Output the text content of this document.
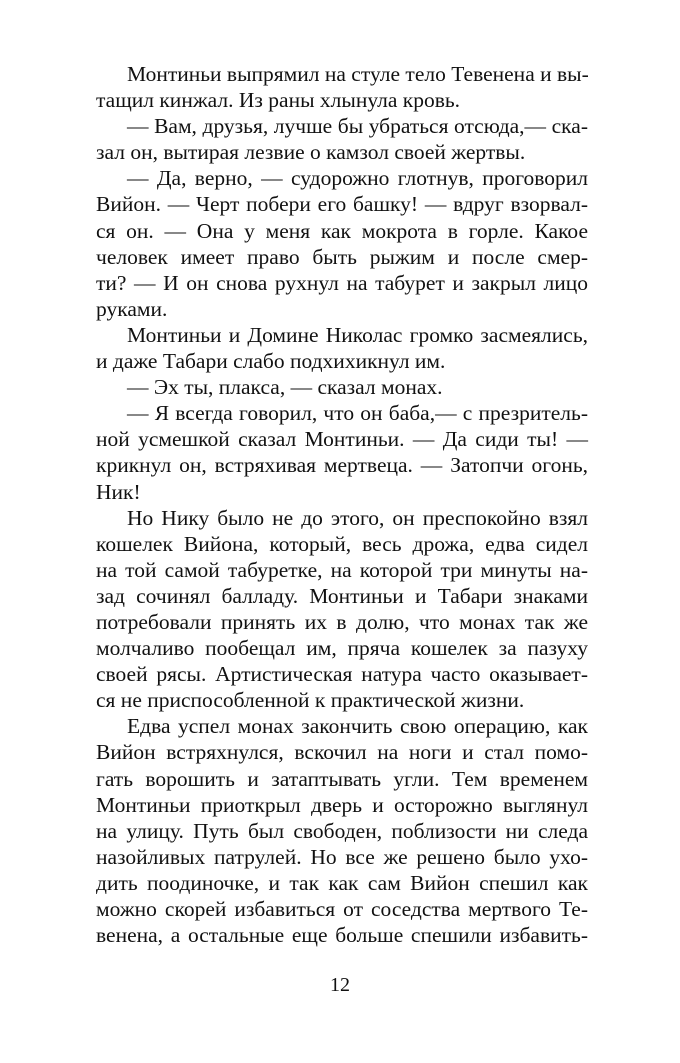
Монтиньи выпрямил на стуле тело Тевенена и вы-
тащил кинжал. Из раны хлынула кровь.
— Вам, друзья, лучше бы убраться отсюда,— ска-
зал он, вытирая лезвие о камзол своей жертвы.
— Да, верно, — судорожно глотнув, проговорил
Вийон. — Черт побери его башку! — вдруг взорвал-
ся он. — Она у меня как мокрота в горле. Какое
человек имеет право быть рыжим и после смер-
ти? — И он снова рухнул на табурет и закрыл лицо
руками.
Монтиньи и Домине Николас громко засмеялись,
и даже Табари слабо подхихикнул им.
— Эх ты, плакса, — сказал монах.
— Я всегда говорил, что он баба,— с презритель-
ной усмешкой сказал Монтиньи. — Да сиди ты! —
крикнул он, встряхивая мертвеца. — Затопчи огонь,
Ник!
Но Нику было не до этого, он преспокойно взял
кошелек Вийона, который, весь дрожа, едва сидел
на той самой табуретке, на которой три минуты на-
зад сочинял балладу. Монтиньи и Табари знаками
потребовали принять их в долю, что монах так же
молчаливо пообещал им, пряча кошелек за пазуху
своей рясы. Артистическая натура часто оказывает-
ся не приспособленной к практической жизни.
Едва успел монах закончить свою операцию, как
Вийон встряхнулся, вскочил на ноги и стал помо-
гать ворошить и затаптывать угли. Тем временем
Монтиньи приоткрыл дверь и осторожно выглянул
на улицу. Путь был свободен, поблизости ни следа
назойливых патрулей. Но все же решено было ухо-
дить поодиночке, и так как сам Вийон спешил как
можно скорей избавиться от соседства мертвого Те-
венена, а остальные еще больше спешили избавить-
12
